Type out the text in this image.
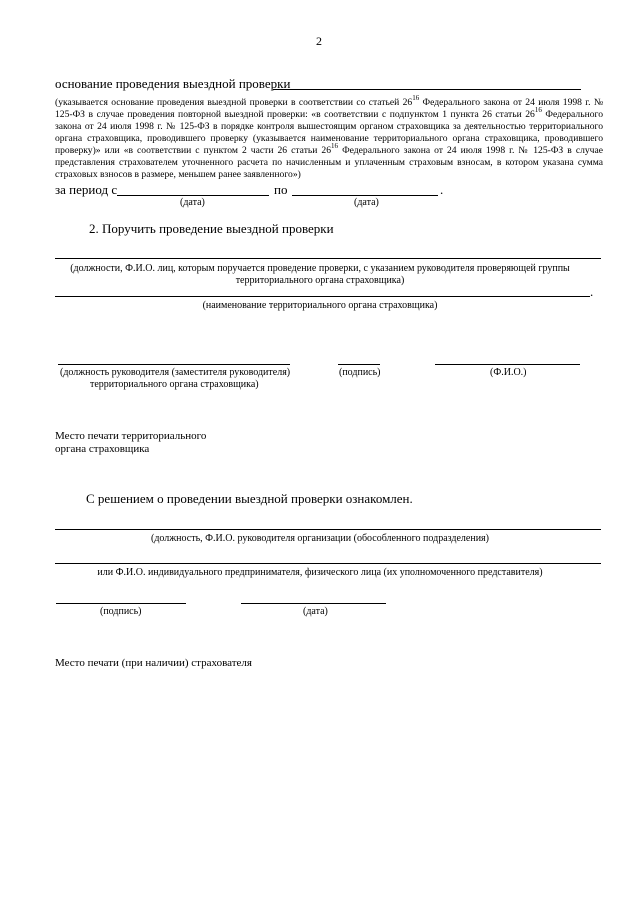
2
основание проведения выездной проверки
(указывается основание проведения выездной проверки в соответствии со статьей $26^{16}$ Федерального закона от 24 июля 1998 г. № 125-ФЗ в случае проведения повторной выездной проверки: «в соответствии с подпунктом 1 пункта 26 статьи $26^{16}$ Федерального закона от 24 июля 1998 г. № 125-ФЗ в порядке контроля вышестоящим органом страховщика за деятельностью территориального органа страховщика, проводившего проверку (указывается наименование территориального органа страховщика, проводившего проверку)» или «в соответствии с пунктом 2 части 26 статьи $26^{16}$ Федерального закона от 24 июля 1998 г. № 125-ФЗ в случае представления страхователем уточненного расчета по начисленным и уплаченным страховым взносам, в котором указана сумма страховых взносов в размере, меньшем ранее заявленного»)
за период с	по	.
(дата)	(дата)
2. Поручить проведение выездной проверки
(должности, Ф.И.О. лиц, которым поручается проведение проверки, с указанием руководителя проверяющей группы
территориального органа страховщика)
.
(наименование территориального органа страховщика)
(должность руководителя (заместителя руководителя)
территориального органа страховщика)
(подпись)	(Ф.И.О.)
Место печати территориального
органа страховщика
С решением о проведении выездной проверки ознакомлен.
(должность, Ф.И.О. руководителя организации (обособленного подразделения)
или Ф.И.О. индивидуального предпринимателя, физического лица (их уполномоченного представителя)
(подпись)	(дата)
Место печати (при наличии) страхователя
